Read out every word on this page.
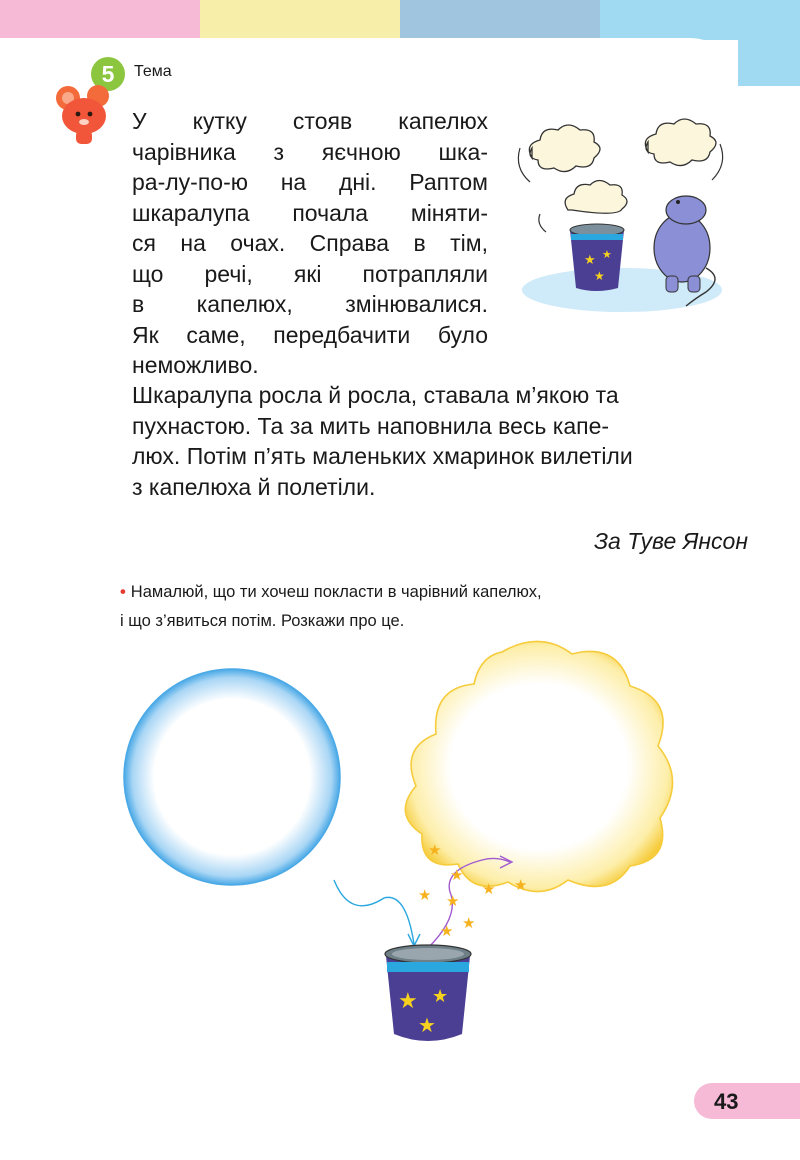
5	Тема

У кутку стояв капелюх
чарівника з яєчною шка-
ра-лу-по-ю на дні. Раптом
шкаралупа почала міняти-
ся на очах. Справа в тім,
що речі, які потрапляли
в капелюх, змінювалися.
Як саме, передбачити було

неможливо.

Шкаралупа росла й росла, ставала м’якою та
пухнастою. Та за мить наповнила весь капе-
люх. Потім п’ять маленьких хмаринок вилетіли
з капелюха й полетіли.

За Туве Янсон

• Намалюй, що ти хочеш покласти в чарівний капелюх,
і що з’явиться потім. Розкажи про це.

★ ★
★
★
★
★ ★
★ ★
★
★
★ ★
★
43
